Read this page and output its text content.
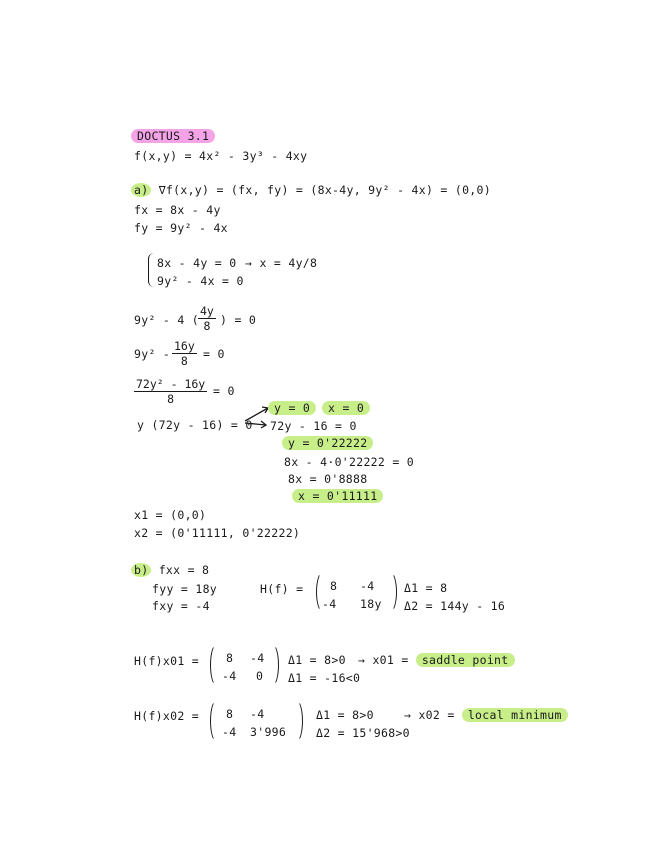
DOCTUS 3.1
f(x,y) = 4x² - 3y³ - 4xy
a) ∇f(x,y) = (fx, fy) = (8x-4y, 9y² - 4x) = (0,0)
fx = 8x - 4y
fy = 9y² - 4x
8x - 4y = 0 → x = 4y/8
9y² - 4x = 0
9y² - 4 (
$\frac{4y}{8}$ ) = 0
$9y^2 - \frac{16y}{8} = 0$
$\frac{\text{72y² - 16y}}{8} = 0$
y (72y - 16) = 0
y = 0	x = 0
72y - 16 = 0
y = 0'22222
8x - 4·0'22222 = 0
8x = 0'8888
x = 0'11111
x1 = (0,0)
x2 = (0'11111, 0'22222)
b) fxx = 8
fyy = 18y
fxy = -4
H(f) = 8 -4
-4 18y
Δ1 = 8
Δ2 = 144y - 16
H(f)x01 = 8 -4
-4 0
Δ1 = 8>0
Δ1 = -16<0
→ x01 = saddle point
H(f)x02 = 8 -4
-4 3'996
Δ1 = 8>0
Δ2 = 15'968>0
→ x02 = local minimum
